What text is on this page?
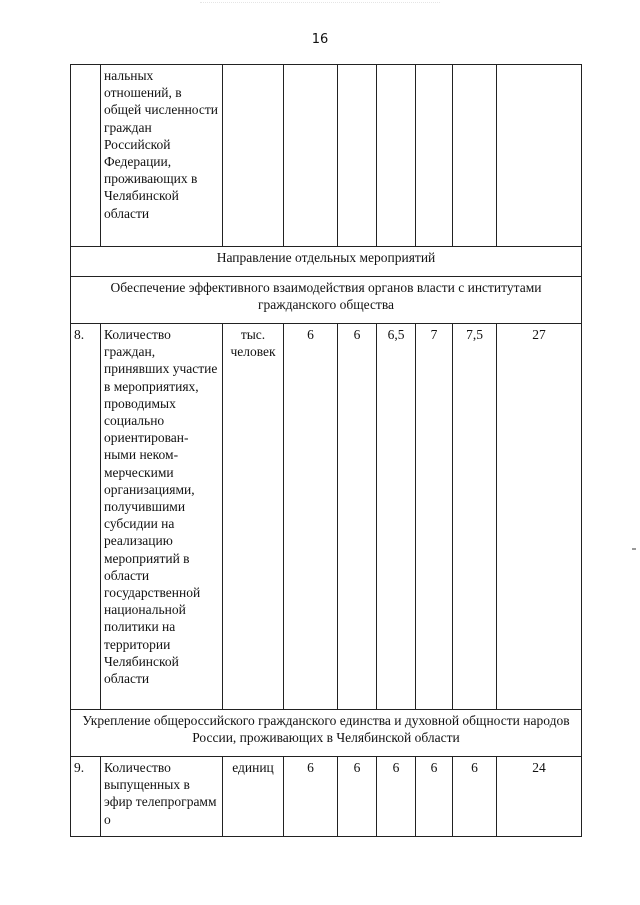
16
	нальных отношений, в общей численности граждан Российской Федерации, проживающих в Челябинской области							
Направление отдельных мероприятий								
Обеспечение эффективного взаимодействия органов власти с институтами гражданского общества								
8.	Количество граждан, принявших участие в мероприятиях, проводимых социально ориентирован-ными неком-мерческими организациями, получившими субсидии на реализацию мероприятий в области государственной национальной политики на территории Челябинской области	тыс. человек	6	6	6,5	7	7,5	27
Укрепление общероссийского гражданского единства и духовной общности народов России, проживающих в Челябинской области								
9.	Количество выпущенных в эфир телепрограмм о	единиц	6	6	6	6	6	24
